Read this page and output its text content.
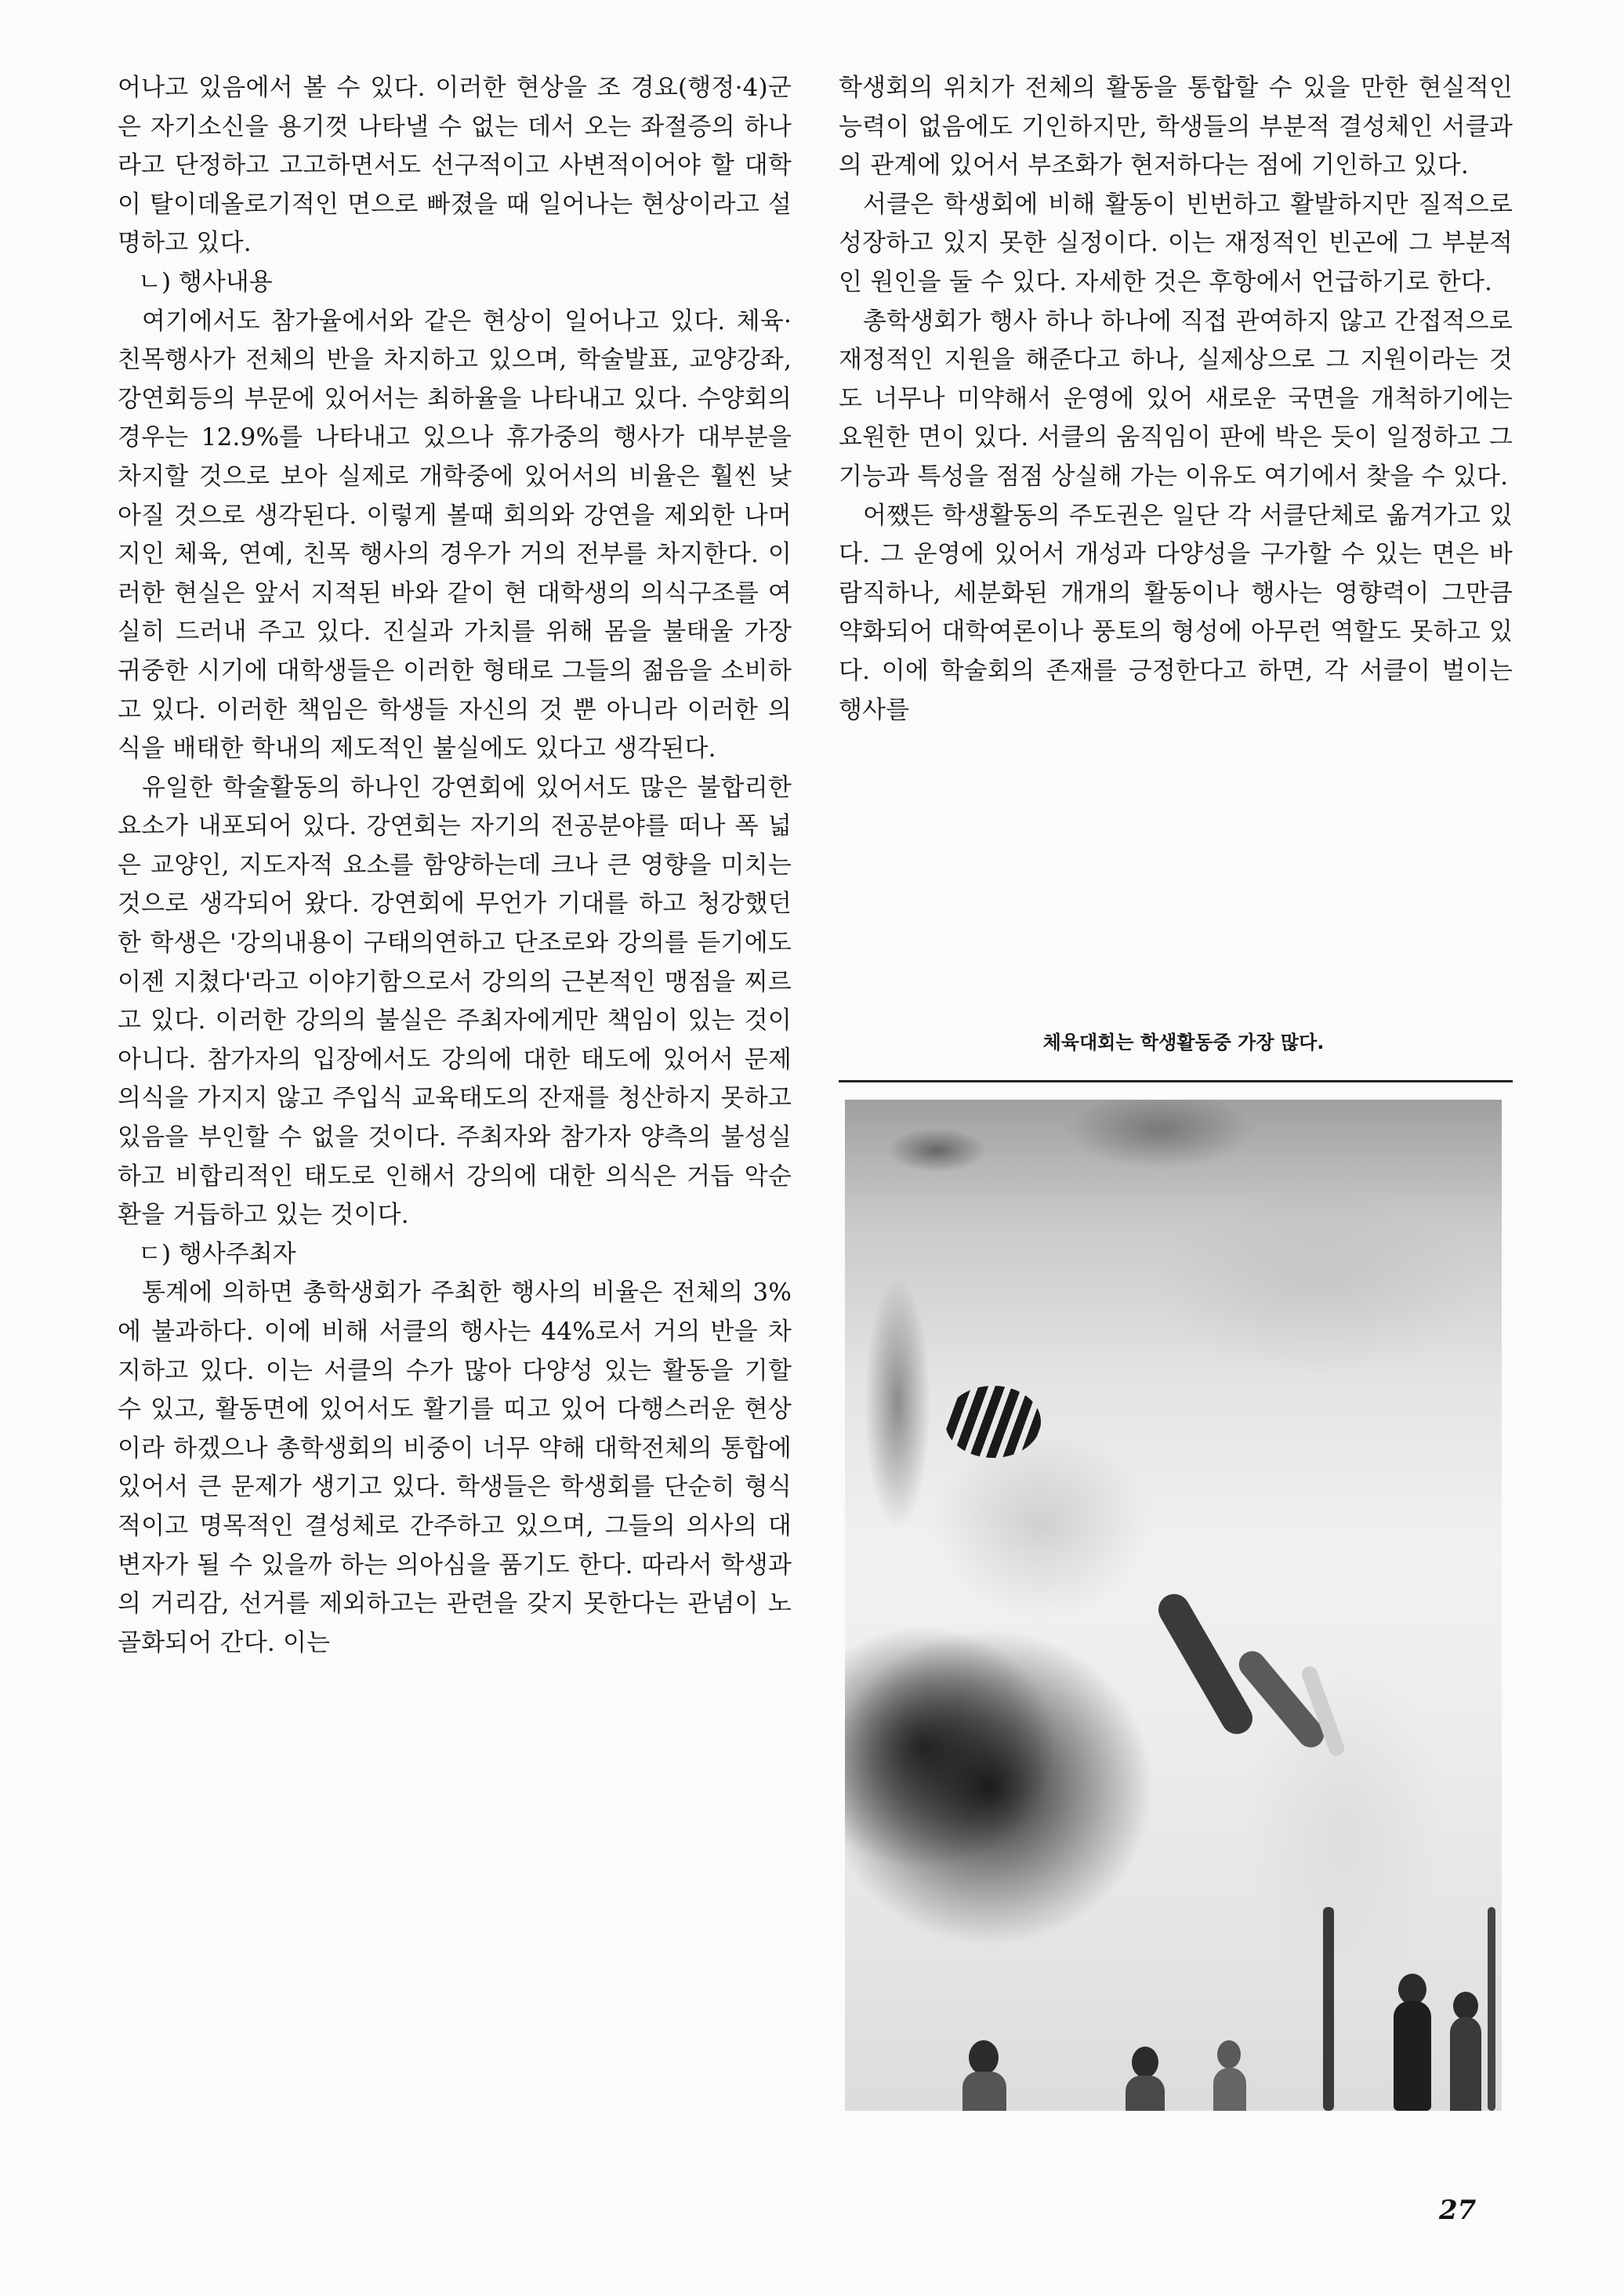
어나고 있음에서 볼 수 있다. 이러한 현상을 조 경요(행정·4)군은 자기소신을 용기껏 나타낼 수 없는 데서 오는 좌절증의 하나라고 단정하고 고고하면서도 선구적이고 사변적이어야 할 대학이 탈이데올로기적인 면으로 빠졌을 때 일어나는 현상이라고 설명하고 있다.

ㄴ) 행사내용

여기에서도 참가율에서와 같은 현상이 일어나고 있다. 체육·친목행사가 전체의 반을 차지하고 있으며, 학술발표, 교양강좌, 강연회등의 부문에 있어서는 최하율을 나타내고 있다. 수양회의 경우는 12.9%를 나타내고 있으나 휴가중의 행사가 대부분을 차지할 것으로 보아 실제로 개학중에 있어서의 비율은 훨씬 낮아질 것으로 생각된다. 이렇게 볼때 회의와 강연을 제외한 나머지인 체육, 연예, 친목 행사의 경우가 거의 전부를 차지한다. 이러한 현실은 앞서 지적된 바와 같이 현 대학생의 의식구조를 여실히 드러내 주고 있다. 진실과 가치를 위해 몸을 불태울 가장 귀중한 시기에 대학생들은 이러한 형태로 그들의 젊음을 소비하고 있다. 이러한 책임은 학생들 자신의 것 뿐 아니라 이러한 의식을 배태한 학내의 제도적인 불실에도 있다고 생각된다.

유일한 학술활동의 하나인 강연회에 있어서도 많은 불합리한 요소가 내포되어 있다. 강연회는 자기의 전공분야를 떠나 폭 넓은 교양인, 지도자적 요소를 함양하는데 크나 큰 영향을 미치는 것으로 생각되어 왔다. 강연회에 무언가 기대를 하고 청강했던 한 학생은 '강의내용이 구태의연하고 단조로와 강의를 듣기에도 이젠 지쳤다'라고 이야기함으로서 강의의 근본적인 맹점을 찌르고 있다. 이러한 강의의 불실은 주최자에게만 책임이 있는 것이 아니다. 참가자의 입장에서도 강의에 대한 태도에 있어서 문제의식을 가지지 않고 주입식 교육태도의 잔재를 청산하지 못하고 있음을 부인할 수 없을 것이다. 주최자와 참가자 양측의 불성실하고 비합리적인 태도로 인해서 강의에 대한 의식은 거듭 악순환을 거듭하고 있는 것이다.

ㄷ) 행사주최자

통계에 의하면 총학생회가 주최한 행사의 비율은 전체의 3%에 불과하다. 이에 비해 서클의 행사는 44%로서 거의 반을 차지하고 있다. 이는 서클의 수가 많아 다양성 있는 활동을 기할 수 있고, 활동면에 있어서도 활기를 띠고 있어 다행스러운 현상이라 하겠으나 총학생회의 비중이 너무 약해 대학전체의 통합에 있어서 큰 문제가 생기고 있다. 학생들은 학생회를 단순히 형식적이고 명목적인 결성체로 간주하고 있으며, 그들의 의사의 대변자가 될 수 있을까 하는 의아심을 품기도 한다. 따라서 학생과의 거리감, 선거를 제외하고는 관련을 갖지 못한다는 관념이 노골화되어 간다. 이는

학생회의 위치가 전체의 활동을 통합할 수 있을 만한 현실적인 능력이 없음에도 기인하지만, 학생들의 부분적 결성체인 서클과의 관계에 있어서 부조화가 현저하다는 점에 기인하고 있다.

서클은 학생회에 비해 활동이 빈번하고 활발하지만 질적으로 성장하고 있지 못한 실정이다. 이는 재정적인 빈곤에 그 부분적인 원인을 둘 수 있다. 자세한 것은 후항에서 언급하기로 한다.

총학생회가 행사 하나 하나에 직접 관여하지 않고 간접적으로 재정적인 지원을 해준다고 하나, 실제상으로 그 지원이라는 것도 너무나 미약해서 운영에 있어 새로운 국면을 개척하기에는 요원한 면이 있다. 서클의 움직임이 판에 박은 듯이 일정하고 그 기능과 특성을 점점 상실해 가는 이유도 여기에서 찾을 수 있다.

어쨌든 학생활동의 주도권은 일단 각 서클단체로 옮겨가고 있다. 그 운영에 있어서 개성과 다양성을 구가할 수 있는 면은 바람직하나, 세분화된 개개의 활동이나 행사는 영향력이 그만큼 약화되어 대학여론이나 풍토의 형성에 아무런 역할도 못하고 있다. 이에 학술회의 존재를 긍정한다고 하면, 각 서클이 벌이는 행사를

체육대회는 학생활동중 가장 많다.
27
